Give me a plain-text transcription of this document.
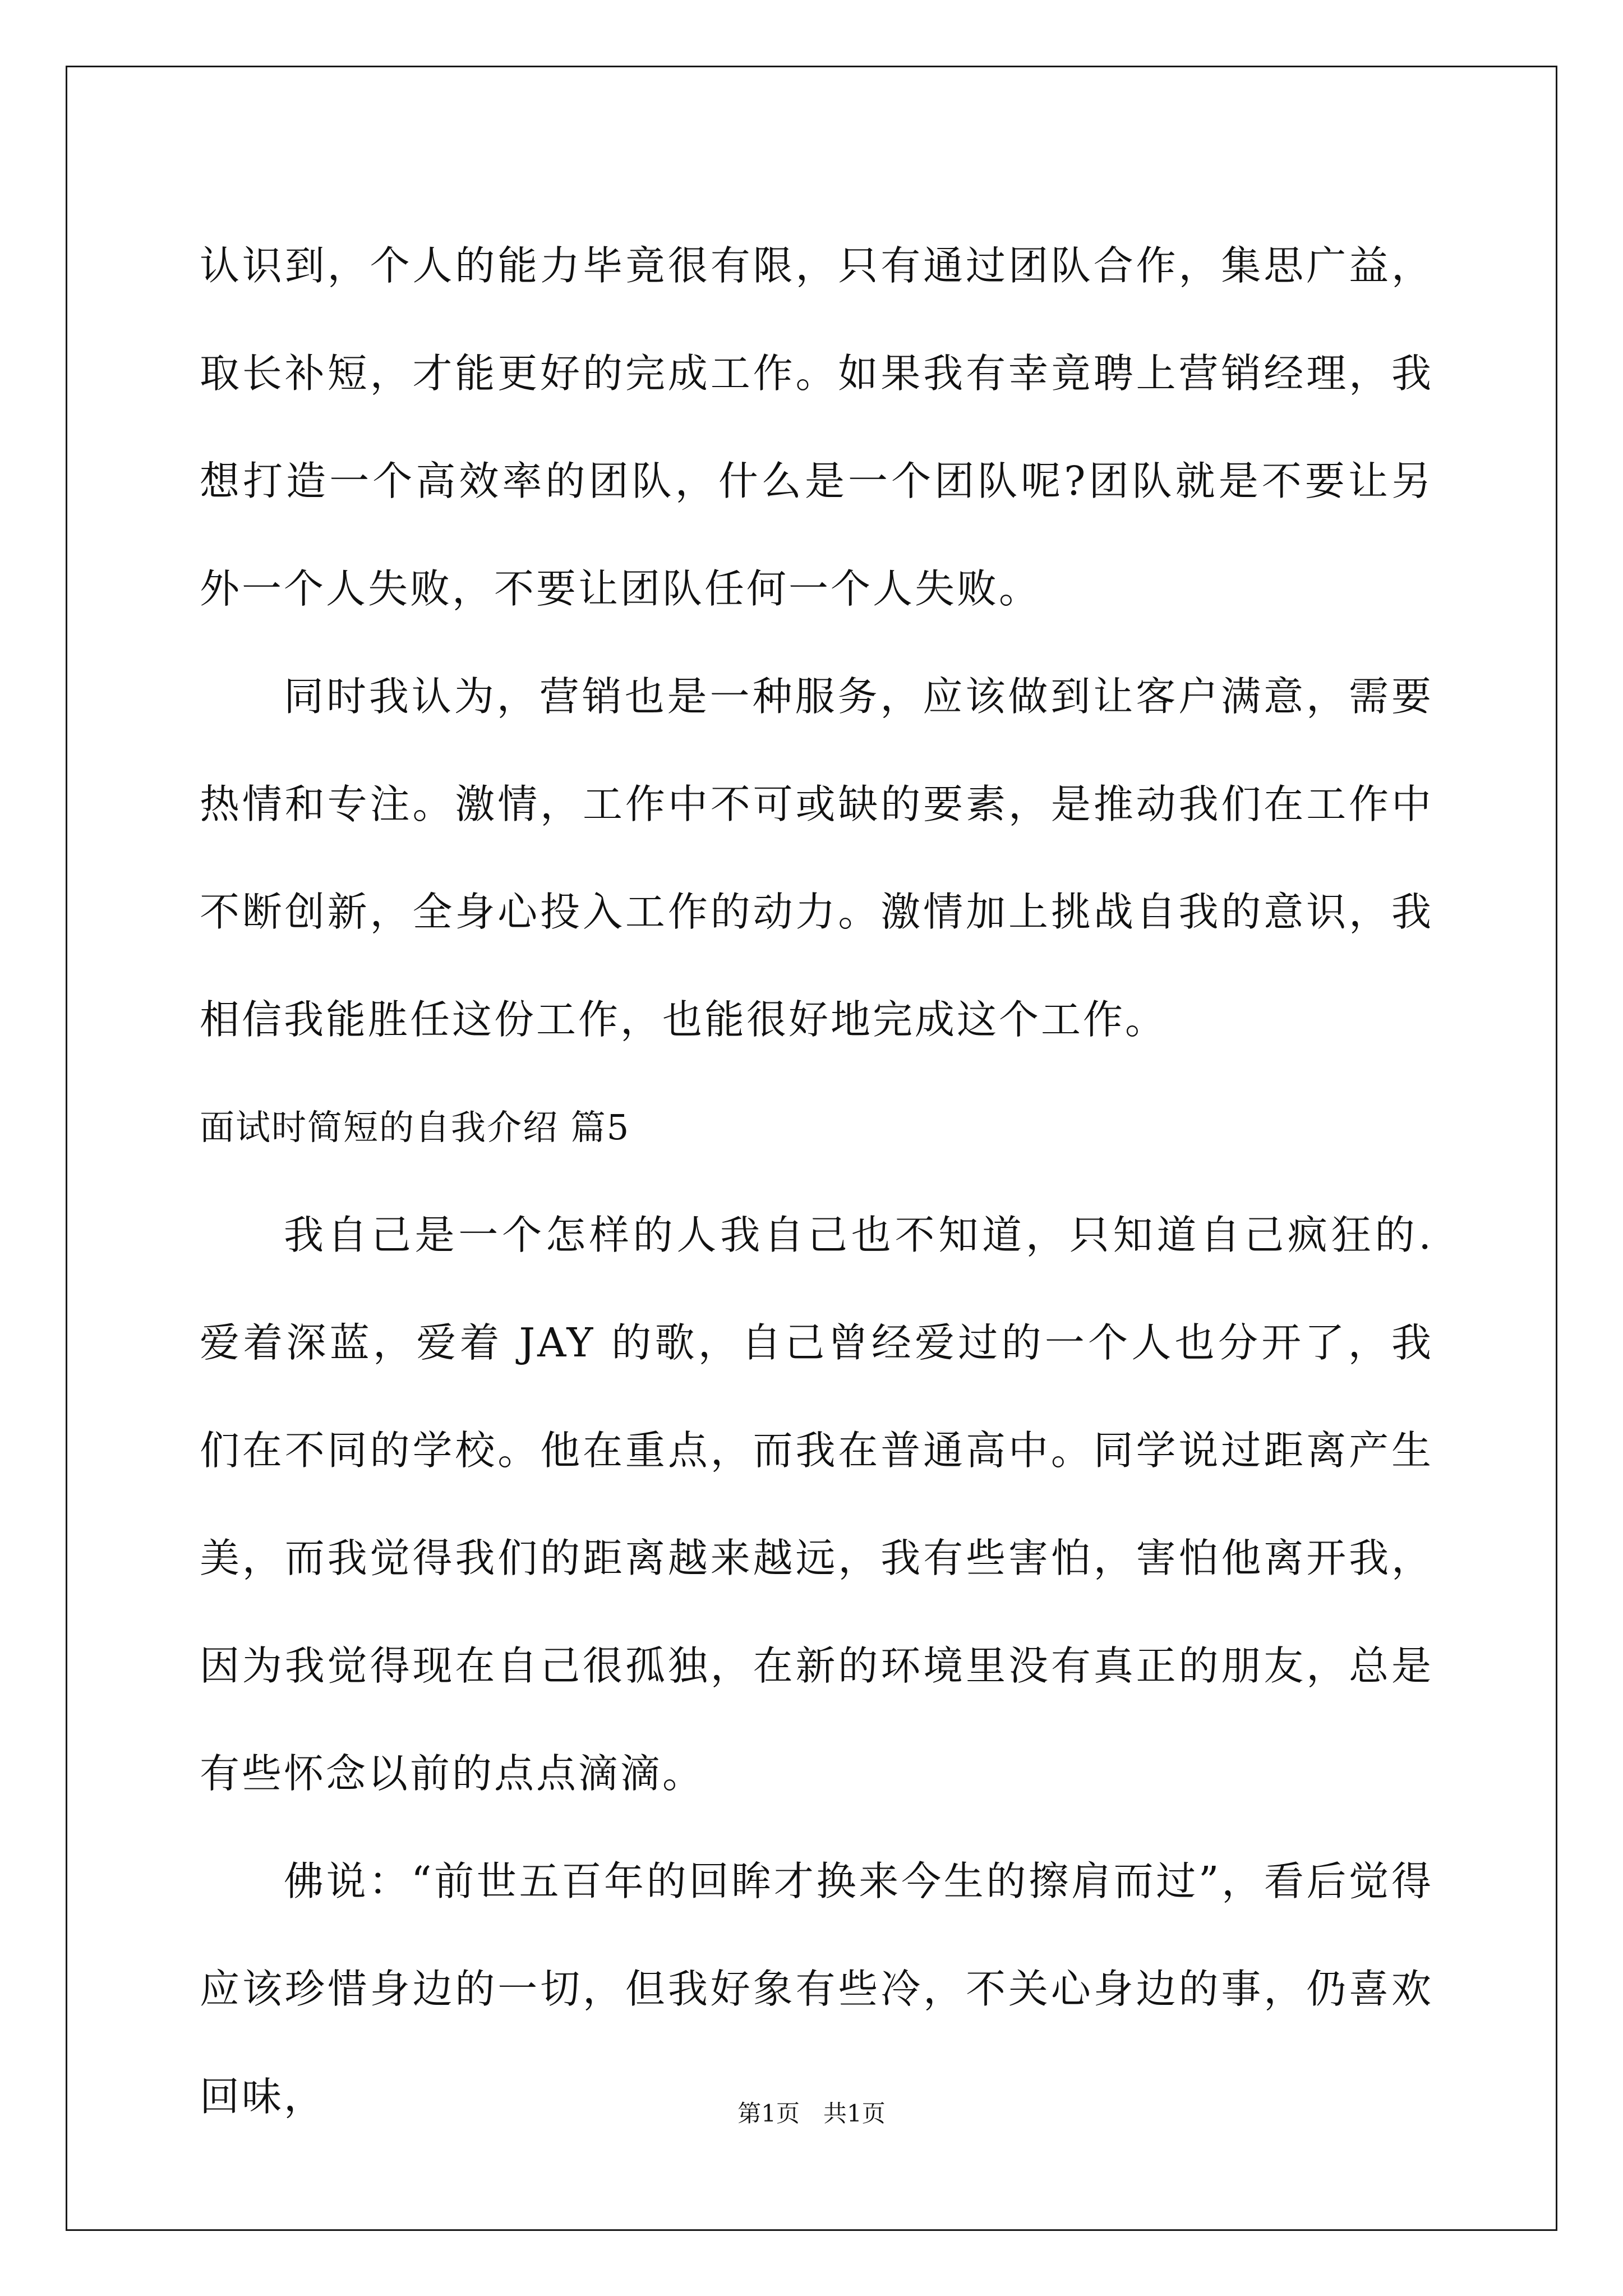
认识到，个人的能力毕竟很有限，只有通过团队合作，集思广益，取长补短，才能更好的完成工作。如果我有幸竟聘上营销经理，我想打造一个高效率的团队，什么是一个团队呢?团队就是不要让另外一个人失败，不要让团队任何一个人失败。

同时我认为，营销也是一种服务，应该做到让客户满意，需要热情和专注。激情，工作中不可或缺的要素，是推动我们在工作中不断创新，全身心投入工作的动力。激情加上挑战自我的意识，我相信我能胜任这份工作，也能很好地完成这个工作。

面试时简短的自我介绍 篇5

我自己是一个怎样的人我自己也不知道，只知道自己疯狂的.爱着深蓝，爱着 JAY 的歌，自己曾经爱过的一个人也分开了，我们在不同的学校。他在重点，而我在普通高中。同学说过距离产生美，而我觉得我们的距离越来越远，我有些害怕，害怕他离开我，因为我觉得现在自己很孤独，在新的环境里没有真正的朋友，总是有些怀念以前的点点滴滴。

佛说：“前世五百年的回眸才换来今生的擦肩而过”，看后觉得应该珍惜身边的一切，但我好象有些冷，不关心身边的事，仍喜欢回味，	第1页　共1页
